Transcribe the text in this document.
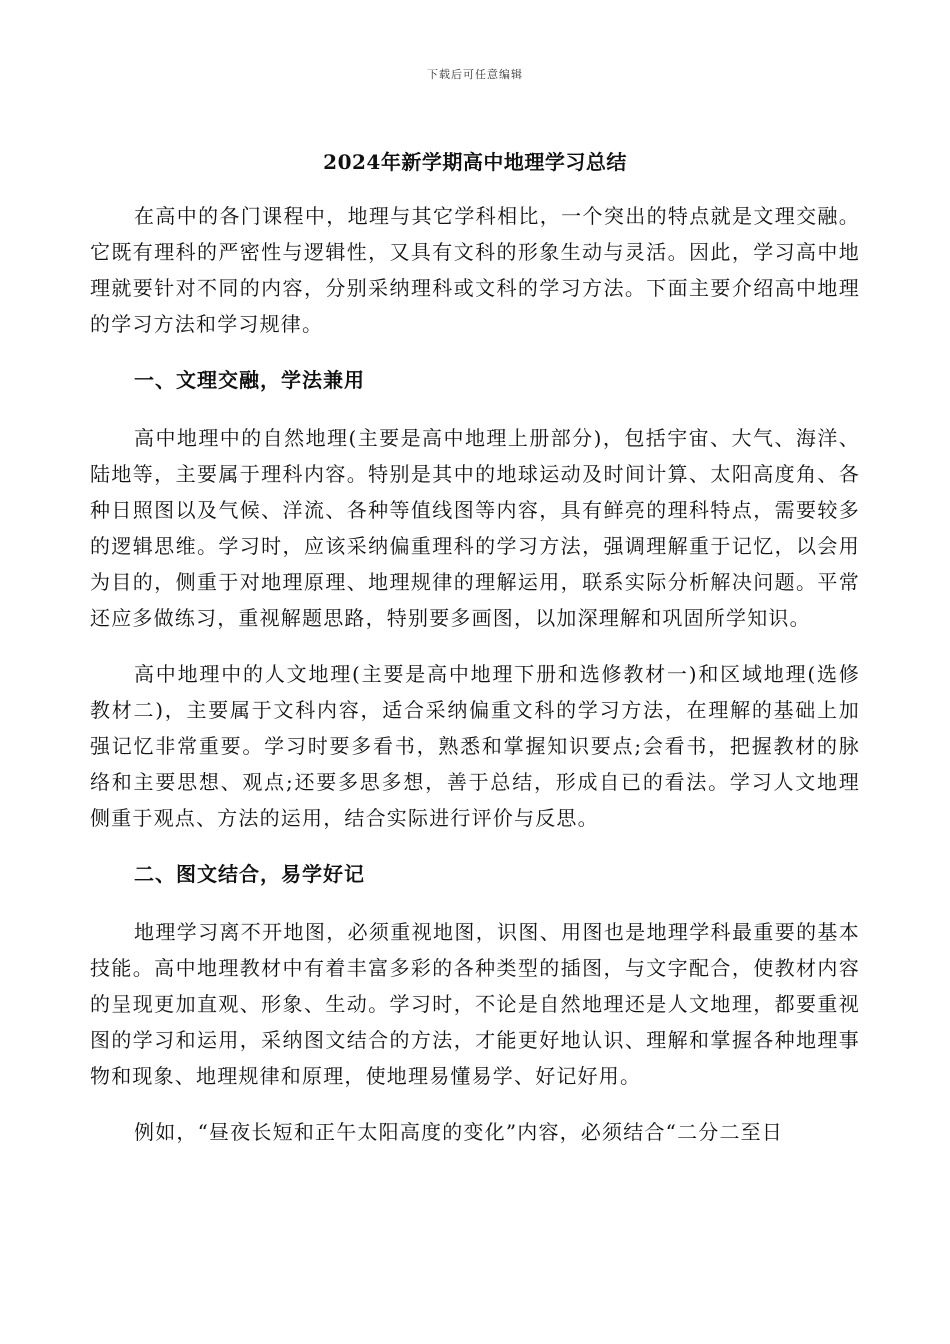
下载后可任意编辑
2024年新学期高中地理学习总结

在高中的各门课程中，地理与其它学科相比，一个突出的特点就是文理交融。它既有理科的严密性与逻辑性，又具有文科的形象生动与灵活。因此，学习高中地理就要针对不同的内容，分别采纳理科或文科的学习方法。下面主要介绍高中地理的学习方法和学习规律。

一、文理交融，学法兼用

高中地理中的自然地理(主要是高中地理上册部分)，包括宇宙、大气、海洋、陆地等，主要属于理科内容。特别是其中的地球运动及时间计算、太阳高度角、各种日照图以及气候、洋流、各种等值线图等内容，具有鲜亮的理科特点，需要较多的逻辑思维。学习时，应该采纳偏重理科的学习方法，强调理解重于记忆，以会用为目的，侧重于对地理原理、地理规律的理解运用，联系实际分析解决问题。平常还应多做练习，重视解题思路，特别要多画图，以加深理解和巩固所学知识。

高中地理中的人文地理(主要是高中地理下册和选修教材一)和区域地理(选修教材二)，主要属于文科内容，适合采纳偏重文科的学习方法，在理解的基础上加强记忆非常重要。学习时要多看书，熟悉和掌握知识要点;会看书，把握教材的脉络和主要思想、观点;还要多思多想，善于总结，形成自已的看法。学习人文地理侧重于观点、方法的运用，结合实际进行评价与反思。

二、图文结合，易学好记

地理学习离不开地图，必须重视地图，识图、用图也是地理学科最重要的基本技能。高中地理教材中有着丰富多彩的各种类型的插图，与文字配合，使教材内容的呈现更加直观、形象、生动。学习时，不论是自然地理还是人文地理，都要重视图的学习和运用，采纳图文结合的方法，才能更好地认识、理解和掌握各种地理事物和现象、地理规律和原理，使地理易懂易学、好记好用。

例如，“昼夜长短和正午太阳高度的变化”内容，必须结合“二分二至日
